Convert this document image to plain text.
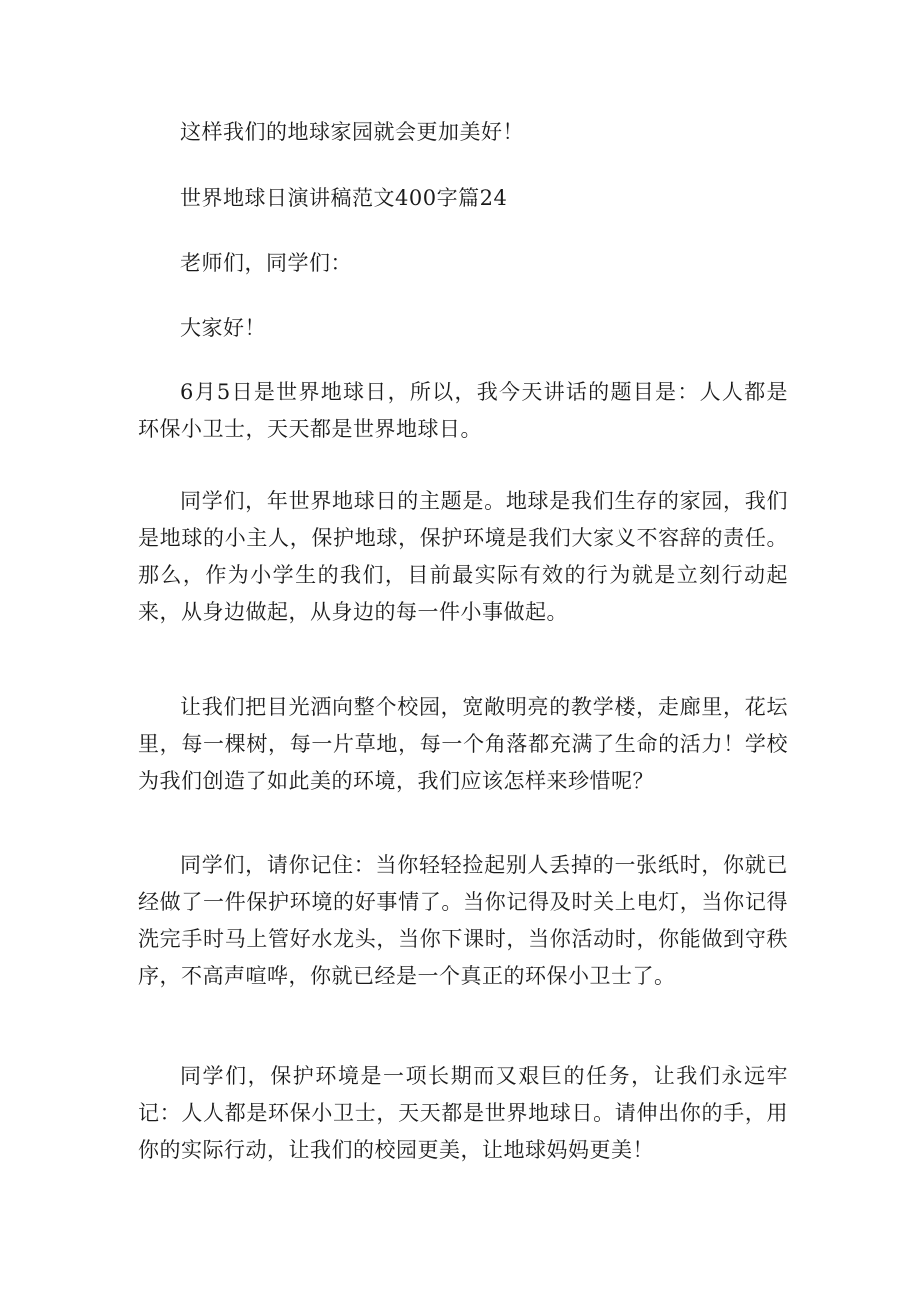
这样我们的地球家园就会更加美好！

世界地球日演讲稿范文400字篇24

老师们，同学们：

大家好！

6月5日是世界地球日，所以，我今天讲话的题目是：人人都是环保小卫士，天天都是世界地球日。

同学们，年世界地球日的主题是。地球是我们生存的家园，我们是地球的小主人，保护地球，保护环境是我们大家义不容辞的责任。那么，作为小学生的我们，目前最实际有效的行为就是立刻行动起来，从身边做起，从身边的每一件小事做起。

让我们把目光洒向整个校园，宽敞明亮的教学楼，走廊里，花坛里，每一棵树，每一片草地，每一个角落都充满了生命的活力！学校为我们创造了如此美的环境，我们应该怎样来珍惜呢？

同学们，请你记住：当你轻轻捡起别人丢掉的一张纸时，你就已经做了一件保护环境的好事情了。当你记得及时关上电灯，当你记得洗完手时马上管好水龙头，当你下课时，当你活动时，你能做到守秩序，不高声喧哗，你就已经是一个真正的环保小卫士了。

同学们，保护环境是一项长期而又艰巨的任务，让我们永远牢记：人人都是环保小卫士，天天都是世界地球日。请伸出你的手，用你的实际行动，让我们的校园更美，让地球妈妈更美！
